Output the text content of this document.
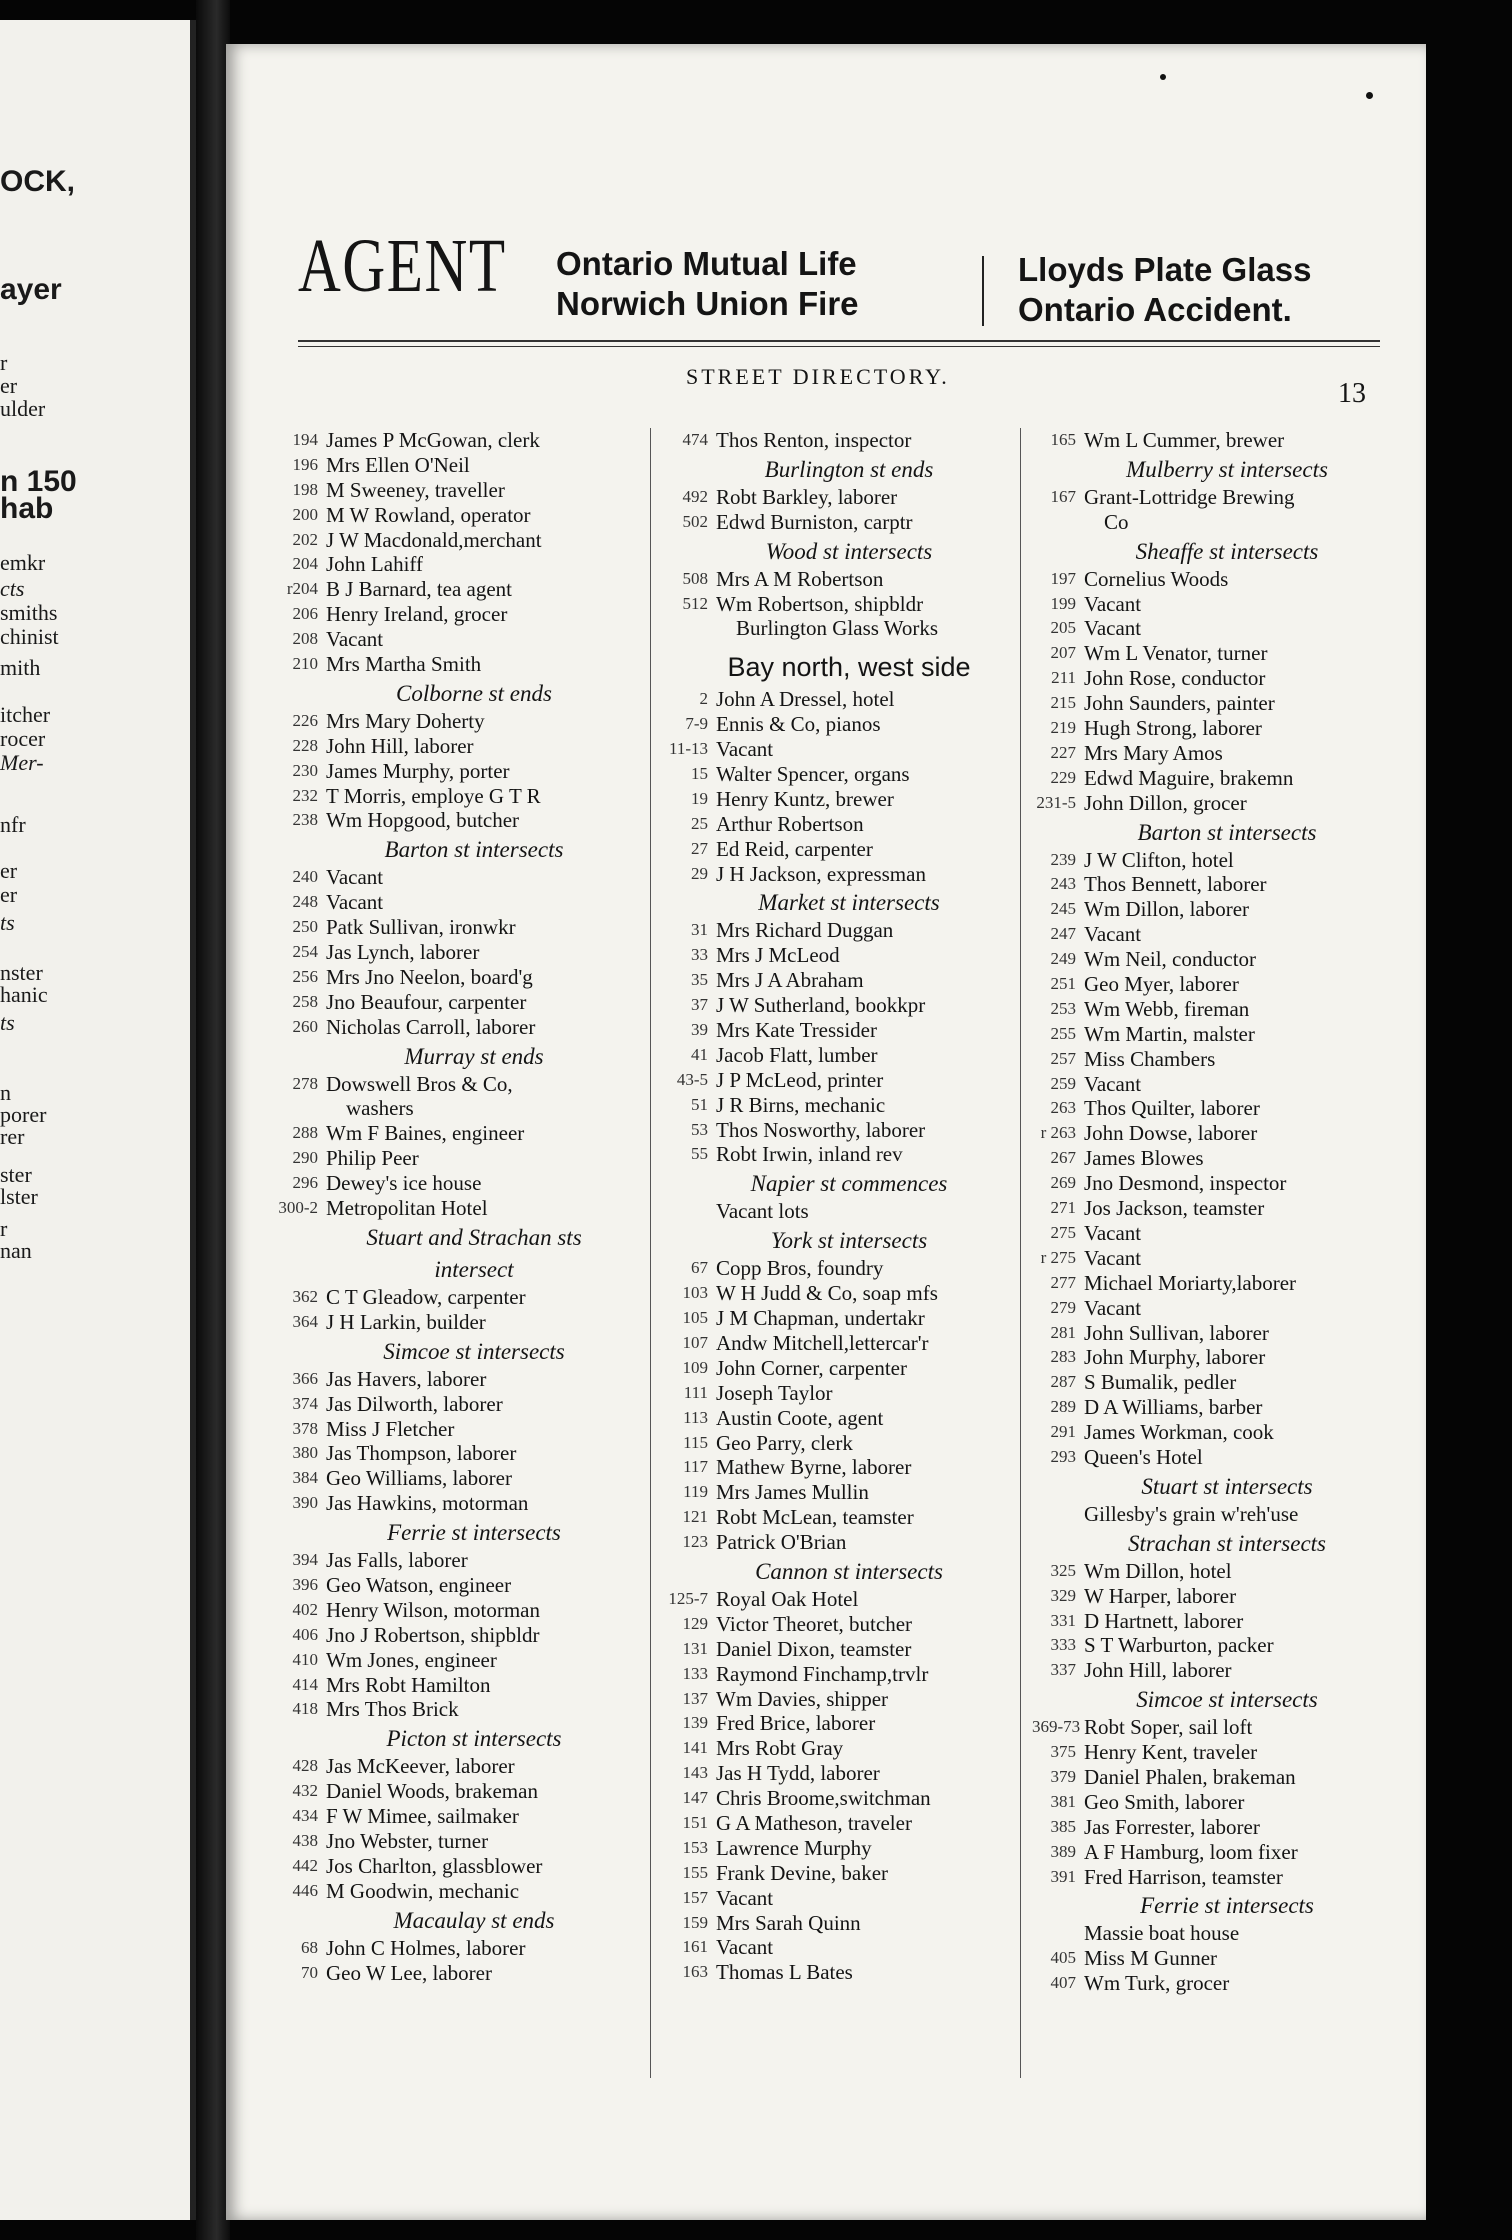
OCK,
ayer
r
er
ulder
n 150
hab
emkr
cts
smiths
chinist
mith
itcher
rocer
Mer-
nfr
er
er
ts
nster
hanic
ts
n
porer
rer
ster
lster
r
nan
AGENT Ontario Mutual Life
Norwich Union Fire
Lloyds Plate Glass
Ontario Accident.
STREET DIRECTORY.
13
194 James P McGowan, clerk
196 Mrs Ellen O'Neil
198 M Sweeney, traveller
200 M W Rowland, operator
202 J W Macdonald,merchant
204 John Lahiff
r204 B J Barnard, tea agent
206 Henry Ireland, grocer
208 Vacant
210 Mrs Martha Smith
Colborne st ends
226 Mrs Mary Doherty
228 John Hill, laborer
230 James Murphy, porter
232 T Morris, employe G T R
238 Wm Hopgood, butcher
Barton st intersects
240 Vacant
248 Vacant
250 Patk Sullivan, ironwkr
254 Jas Lynch, laborer
256 Mrs Jno Neelon, board'g
258 Jno Beaufour, carpenter
260 Nicholas Carroll, laborer
Murray st ends
278 Dowswell Bros & Co,
washers
288 Wm F Baines, engineer
290 Philip Peer
296 Dewey's ice house
300-2 Metropolitan Hotel
Stuart and Strachan sts
intersect
362 C T Gleadow, carpenter
364 J H Larkin, builder
Simcoe st intersects
366 Jas Havers, laborer
374 Jas Dilworth, laborer
378 Miss J Fletcher
380 Jas Thompson, laborer
384 Geo Williams, laborer
390 Jas Hawkins, motorman
Ferrie st intersects
394 Jas Falls, laborer
396 Geo Watson, engineer
402 Henry Wilson, motorman
406 Jno J Robertson, shipbldr
410 Wm Jones, engineer
414 Mrs Robt Hamilton
418 Mrs Thos Brick
Picton st intersects
428 Jas McKeever, laborer
432 Daniel Woods, brakeman
434 F W Mimee, sailmaker
438 Jno Webster, turner
442 Jos Charlton, glassblower
446 M Goodwin, mechanic
Macaulay st ends
68 John C Holmes, laborer
70 Geo W Lee, laborer
474 Thos Renton, inspector
Burlington st ends
492 Robt Barkley, laborer
502 Edwd Burniston, carptr
Wood st intersects
508 Mrs A M Robertson
512 Wm Robertson, shipbldr
Burlington Glass Works
Bay north, west side
2 John A Dressel, hotel
7-9 Ennis & Co, pianos
11-13 Vacant
15 Walter Spencer, organs
19 Henry Kuntz, brewer
25 Arthur Robertson
27 Ed Reid, carpenter
29 J H Jackson, expressman
Market st intersects
31 Mrs Richard Duggan
33 Mrs J McLeod
35 Mrs J A Abraham
37 J W Sutherland, bookkpr
39 Mrs Kate Tressider
41 Jacob Flatt, lumber
43-5 J P McLeod, printer
51 J R Birns, mechanic
53 Thos Nosworthy, laborer
55 Robt Irwin, inland rev
Napier st commences
Vacant lots
York st intersects
67 Copp Bros, foundry
103 W H Judd & Co, soap mfs
105 J M Chapman, undertakr
107 Andw Mitchell,lettercar'r
109 John Corner, carpenter
111 Joseph Taylor
113 Austin Coote, agent
115 Geo Parry, clerk
117 Mathew Byrne, laborer
119 Mrs James Mullin
121 Robt McLean, teamster
123 Patrick O'Brian
Cannon st intersects
125-7 Royal Oak Hotel
129 Victor Theoret, butcher
131 Daniel Dixon, teamster
133 Raymond Finchamp,trvlr
137 Wm Davies, shipper
139 Fred Brice, laborer
141 Mrs Robt Gray
143 Jas H Tydd, laborer
147 Chris Broome,switchman
151 G A Matheson, traveler
153 Lawrence Murphy
155 Frank Devine, baker
157 Vacant
159 Mrs Sarah Quinn
161 Vacant
163 Thomas L Bates
165 Wm L Cummer, brewer
Mulberry st intersects
167 Grant-Lottridge Brewing
Co
Sheaffe st intersects
197 Cornelius Woods
199 Vacant
205 Vacant
207 Wm L Venator, turner
211 John Rose, conductor
215 John Saunders, painter
219 Hugh Strong, laborer
227 Mrs Mary Amos
229 Edwd Maguire, brakemn
231-5 John Dillon, grocer
Barton st intersects
239 J W Clifton, hotel
243 Thos Bennett, laborer
245 Wm Dillon, laborer
247 Vacant
249 Wm Neil, conductor
251 Geo Myer, laborer
253 Wm Webb, fireman
255 Wm Martin, malster
257 Miss Chambers
259 Vacant
263 Thos Quilter, laborer
r 263 John Dowse, laborer
267 James Blowes
269 Jno Desmond, inspector
271 Jos Jackson, teamster
275 Vacant
r 275 Vacant
277 Michael Moriarty,laborer
279 Vacant
281 John Sullivan, laborer
283 John Murphy, laborer
287 S Bumalik, pedler
289 D A Williams, barber
291 James Workman, cook
293 Queen's Hotel
Stuart st intersects
Gillesby's grain w'reh'use
Strachan st intersects
325 Wm Dillon, hotel
329 W Harper, laborer
331 D Hartnett, laborer
333 S T Warburton, packer
337 John Hill, laborer
Simcoe st intersects
369-73 Robt Soper, sail loft
375 Henry Kent, traveler
379 Daniel Phalen, brakeman
381 Geo Smith, laborer
385 Jas Forrester, laborer
389 A F Hamburg, loom fixer
391 Fred Harrison, teamster
Ferrie st intersects
Massie boat house
405 Miss M Gunner
407 Wm Turk, grocer
